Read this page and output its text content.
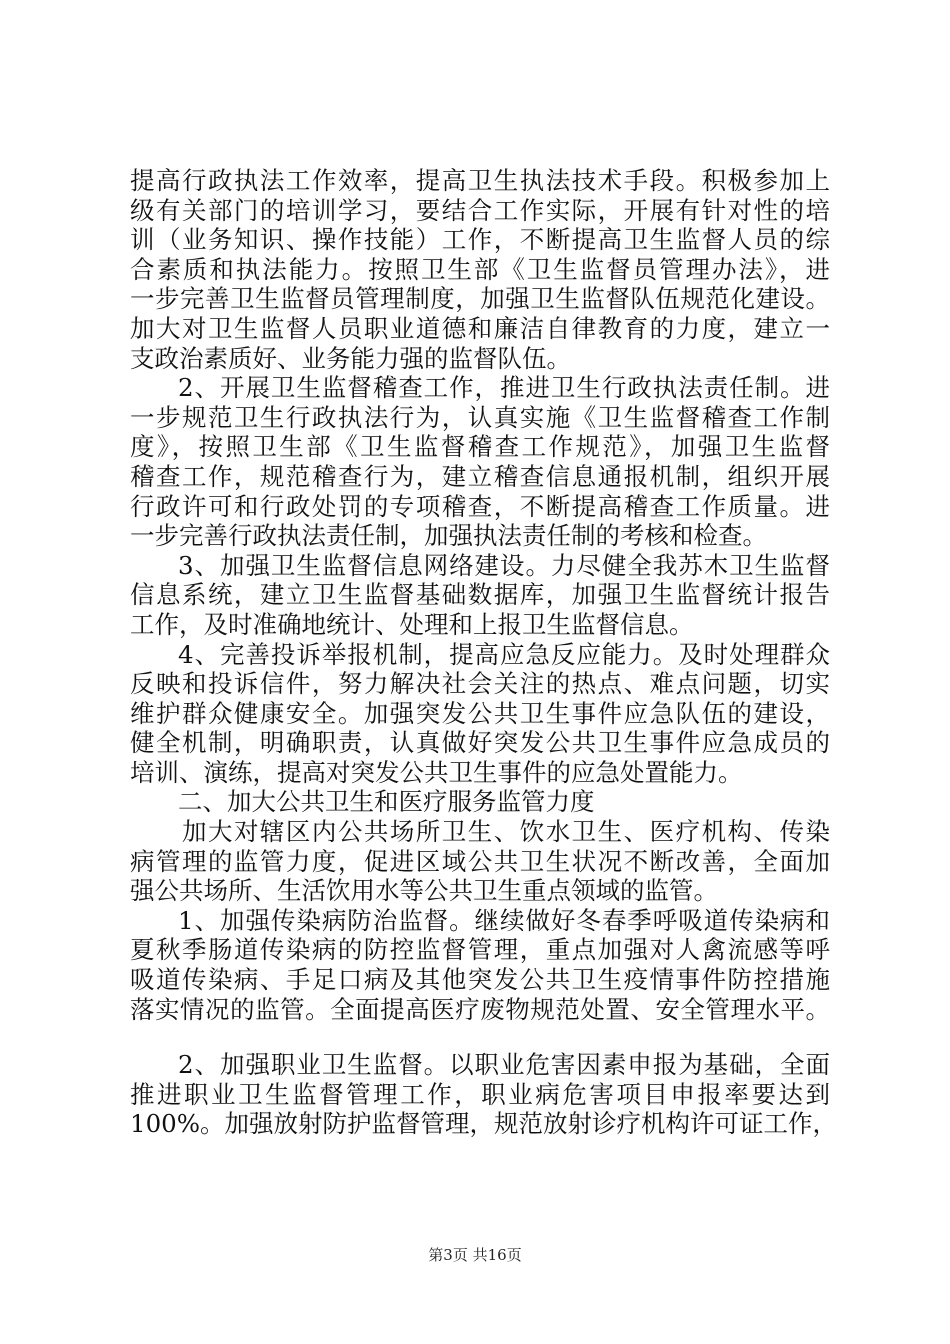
提高行政执法工作效率，提高卫生执法技术手段。积极参加上
级有关部门的培训学习，要结合工作实际，开展有针对性的培
训（业务知识、操作技能）工作，不断提高卫生监督人员的综
合素质和执法能力。按照卫生部《卫生监督员管理办法》，进
一步完善卫生监督员管理制度，加强卫生监督队伍规范化建设。
加大对卫生监督人员职业道德和廉洁自律教育的力度，建立一
支政治素质好、业务能力强的监督队伍。
2、开展卫生监督稽查工作，推进卫生行政执法责任制。进
一步规范卫生行政执法行为，认真实施《卫生监督稽查工作制
度》，按照卫生部《卫生监督稽查工作规范》，加强卫生监督
稽查工作，规范稽查行为，建立稽查信息通报机制，组织开展
行政许可和行政处罚的专项稽查，不断提高稽查工作质量。进
一步完善行政执法责任制，加强执法责任制的考核和检查。
3、加强卫生监督信息网络建设。力尽健全我苏木卫生监督
信息系统，建立卫生监督基础数据库，加强卫生监督统计报告
工作，及时准确地统计、处理和上报卫生监督信息。
4、完善投诉举报机制，提高应急反应能力。及时处理群众
反映和投诉信件，努力解决社会关注的热点、难点问题，切实
维护群众健康安全。加强突发公共卫生事件应急队伍的建设，
健全机制，明确职责，认真做好突发公共卫生事件应急成员的
培训、演练，提高对突发公共卫生事件的应急处置能力。
二、加大公共卫生和医疗服务监管力度
加大对辖区内公共场所卫生、饮水卫生、医疗机构、传染
病管理的监管力度，促进区域公共卫生状况不断改善，全面加
强公共场所、生活饮用水等公共卫生重点领域的监管。
1、加强传染病防治监督。继续做好冬春季呼吸道传染病和
夏秋季肠道传染病的防控监督管理，重点加强对人禽流感等呼
吸道传染病、手足口病及其他突发公共卫生疫情事件防控措施
落实情况的监管。全面提高医疗废物规范处置、安全管理水平。
2、加强职业卫生监督。以职业危害因素申报为基础，全面
推进职业卫生监督管理工作，职业病危害项目申报率要达到
100%。加强放射防护监督管理，规范放射诊疗机构许可证工作，
第3页 共16页
